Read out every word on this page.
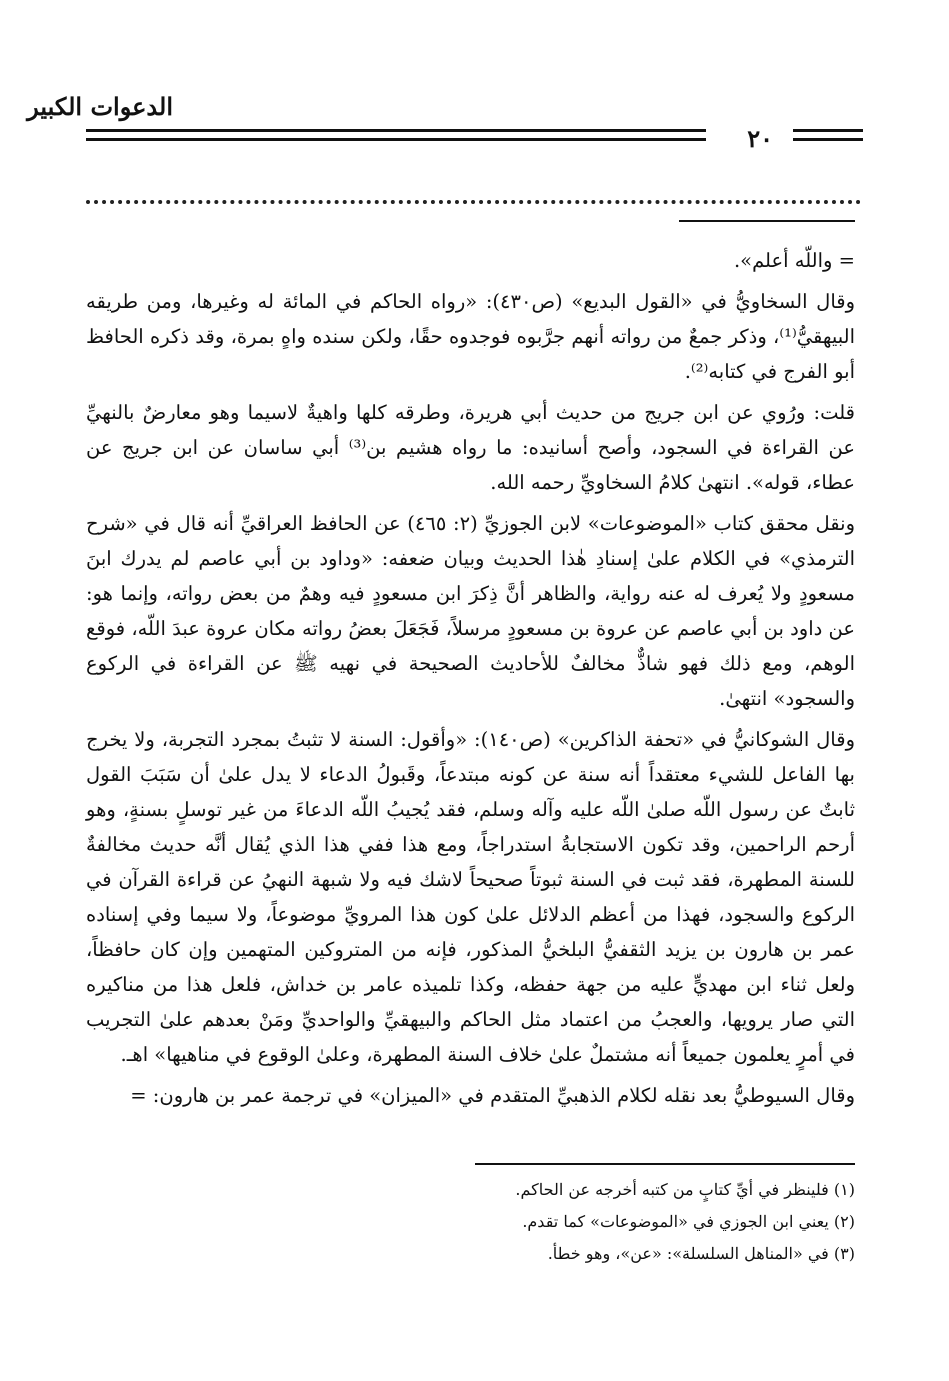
الدعوات الكبير
٢٠

= واللّه أعلم».

وقال السخاويُّ في «القول البديع» (ص٤٣٠): «رواه الحاكم في المائة له وغيرها، ومن طريقه البيهقيُّ⁽¹⁾، وذكر جمعٌ من رواته أنهم جرَّبوه فوجدوه حقًا، ولكن سنده واهٍ بمرة، وقد ذكره الحافظ أبو الفرج في كتابه⁽²⁾.

قلت: ورُوي عن ابن جريج من حديث أبي هريرة، وطرقه كلها واهيةٌ لاسيما وهو معارضٌ بالنهيِّ عن القراءة في السجود، وأصح أسانيده: ما رواه هشيم بن⁽³⁾ أبي ساسان عن ابن جريج عن عطاء، قوله». انتهىٰ كلامُ السخاويِّ رحمه الله.

ونقل محقق كتاب «الموضوعات» لابن الجوزيِّ (٢: ٤٦٥) عن الحافظ العراقيِّ أنه قال في «شرح الترمذي» في الكلام علىٰ إسنادِ هٰذا الحديث وبيان ضعفه: «وداود بن أبي عاصم لم يدرك ابنَ مسعودٍ ولا يُعرف له عنه رواية، والظاهر أنَّ ذِكرَ ابن مسعودٍ فيه وهمٌ من بعض رواته، وإنما هو: عن داود بن أبي عاصم عن عروة بن مسعودٍ مرسلاً، فَجَعَلَ بعضُ رواته مكان عروة عبدَ اللّه، فوقع الوهم، ومع ذلك فهو شاذٌّ مخالفٌ للأحاديث الصحيحة في نهيه ﷺ عن القراءة في الركوع والسجود» انتهىٰ.

وقال الشوكانيُّ في «تحفة الذاكرين» (ص١٤٠): «وأقول: السنة لا تثبتُ بمجرد التجربة، ولا يخرج بها الفاعل للشيء معتقداً أنه سنة عن كونه مبتدعاً، وقَبولُ الدعاء لا يدل علىٰ أن سَبَبَ القول ثابتٌ عن رسول اللّه صلىٰ اللّه عليه وآله وسلم، فقد يُجيبُ اللّه الدعاءَ من غير توسلٍ بسنةٍ، وهو أرحم الراحمين، وقد تكون الاستجابةُ استدراجاً، ومع هذا ففي هذا الذي يُقال أنَّه حديث مخالفةٌ للسنة المطهرة، فقد ثبت في السنة ثبوتاً صحيحاً لاشك فيه ولا شبهة النهيُ عن قراءة القرآن في الركوع والسجود، فهذا من أعظم الدلائل علىٰ كون هذا المرويِّ موضوعاً، ولا سيما وفي إسناده عمر بن هارون بن يزيد الثقفيُّ البلخيُّ المذكور، فإنه من المتروكين المتهمين وإن كان حافظاً، ولعل ثناء ابن مهديٍّ عليه من جهة حفظه، وكذا تلميذه عامر بن خداش، فلعل هذا من مناكيره التي صار يرويها، والعجبُ من اعتماد مثل الحاكم والبيهقيِّ والواحديِّ ومَنْ بعدهم علىٰ التجريب في أمرٍ يعلمون جميعاً أنه مشتملٌ علىٰ خلاف السنة المطهرة، وعلىٰ الوقوع في مناهيها» اهـ.

وقال السيوطيُّ بعد نقله لكلام الذهبيِّ المتقدم في «الميزان» في ترجمة عمر بن هارون: =

(١) فلينظر في أيِّ كتابٍ من كتبه أخرجه عن الحاكم.

(٢) يعني ابن الجوزي في «الموضوعات» كما تقدم.

(٣) في «المناهل السلسلة»: «عن»، وهو خطأ.
